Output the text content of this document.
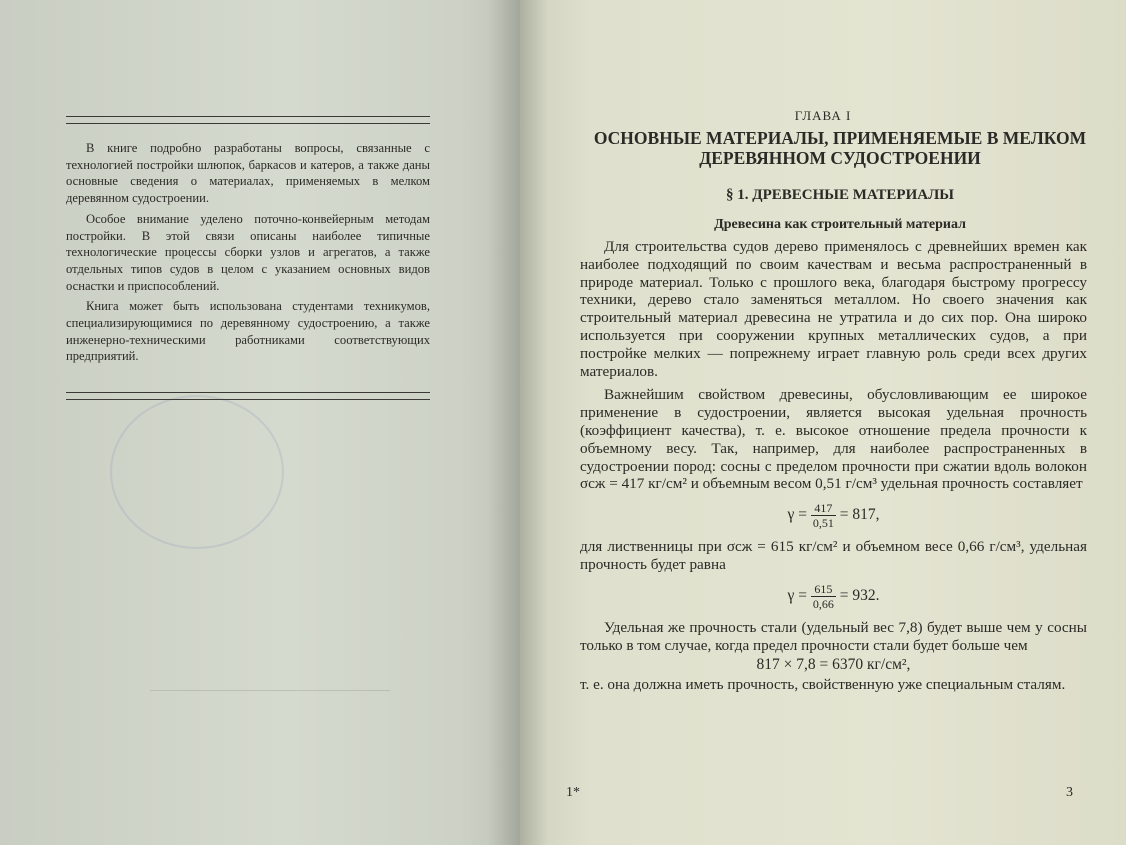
В книге подробно разработаны вопросы, связанные с технологией постройки шлюпок, баркасов и катеров, а также даны основные сведения о материалах, применяемых в мелком деревянном судостроении.

Особое внимание уделено поточно-конвейерным методам постройки. В этой связи описаны наиболее типичные технологические процессы сборки узлов и агрегатов, а также отдельных типов судов в целом с указанием основных видов оснастки и приспособлений.

Книга может быть использована студентами техникумов, специализирующимися по деревянному судостроению, а также инженерно-техническими работниками соответствующих предприятий.

ГЛАВА I
ОСНОВНЫЕ МАТЕРИАЛЫ, ПРИМЕНЯЕМЫЕ В МЕЛКОМ ДЕРЕВЯННОМ СУДОСТРОЕНИИ
§ 1. ДРЕВЕСНЫЕ МАТЕРИАЛЫ
Древесина как строительный материал

Для строительства судов дерево применялось с древнейших времен как наиболее подходящий по своим качествам и весьма распространенный в природе материал. Только с прошлого века, благодаря быстрому прогрессу техники, дерево стало заменяться металлом. Но своего значения как строительный материал древесина не утратила и до сих пор. Она широко используется при сооружении крупных металлических судов, а при постройке мелких — попрежнему играет главную роль среди всех других материалов.

Важнейшим свойством древесины, обусловливающим ее широкое применение в судостроении, является высокая удельная прочность (коэффициент качества), т. е. высокое отношение предела прочности к объемному весу. Так, например, для наиболее распространенных в судостроении пород: сосны с пределом прочности при сжатии вдоль волокон σсж = 417 кг/см² и объемным весом 0,51 г/см³ удельная прочность составляет

$\gamma = \frac{417}{0,51} = 817$,

для лиственницы при σсж = 615 кг/см² и объемном весе 0,66 г/см³, удельная прочность будет равна

$\gamma = \frac{615}{0,66} = 932$.

Удельная же прочность стали (удельный вес 7,8) будет выше чем у сосны только в том случае, когда предел прочности стали будет больше чем

817 × 7,8 = 6370 кг/см²,

т. е. она должна иметь прочность, свойственную уже специальным сталям.

1*	3
